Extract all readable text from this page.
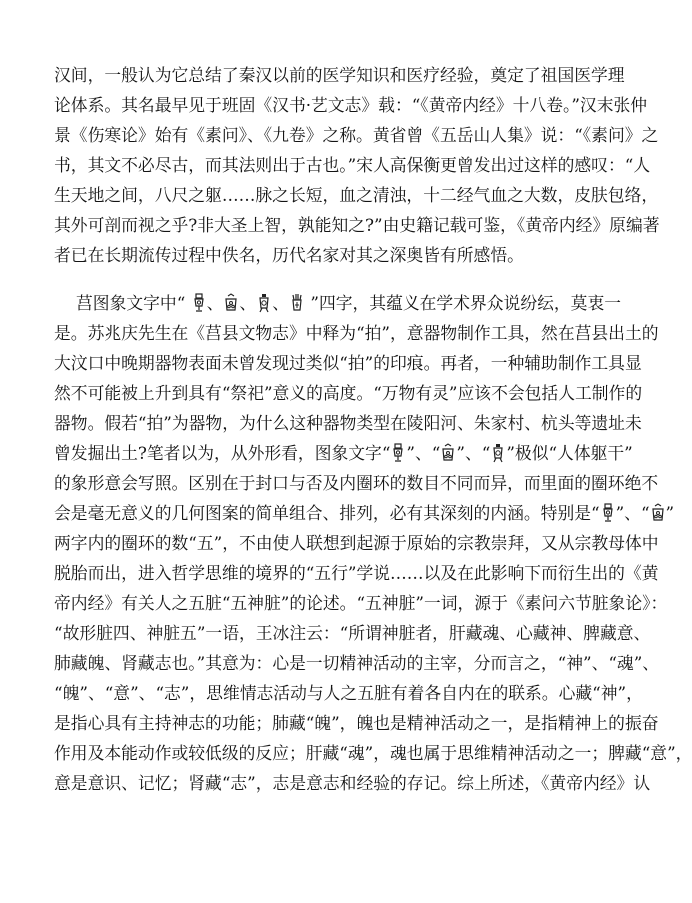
汉间，一般认为它总结了秦汉以前的医学知识和医疗经验，奠定了祖国医学理
论体系。其名最早见于班固《汉书·艺文志》载：“《黄帝内经》十八卷。”汉末张仲
景《伤寒论》始有《素问》、《九卷》之称。黄省曾《五岳山人集》说：“《素问》之
书，其文不必尽古，而其法则出于古也。”宋人高保衡更曾发出过这样的感叹：“人
生天地之间，八尺之躯……脉之长短，血之清浊，十二经气血之大数，皮肤包络，
其外可剖而视之乎?非大圣上智，孰能知之?”由史籍记载可鉴，《黄帝内经》原编著
者已在长期流传过程中佚名，历代名家对其之深奥皆有所感悟。
莒图象文字中“ 、 、 、 ”四字，其蕴义在学术界众说纷纭，莫衷一
是。苏兆庆先生在《莒县文物志》中释为“拍”，意器物制作工具，然在莒县出土的
大汶口中晚期器物表面未曾发现过类似“拍”的印痕。再者，一种辅助制作工具显
然不可能被上升到具有“祭祀”意义的高度。“万物有灵”应该不会包括人工制作的
器物。假若“拍”为器物，为什么这种器物类型在陵阳河、朱家村、杭头等遗址未
曾发掘出土?笔者以为，从外形看，图象文字“ ”、“ ”、“ ”极似“人体躯干”
的象形意会写照。区别在于封口与否及内圈环的数目不同而异，而里面的圈环绝不
会是毫无意义的几何图案的简单组合、排列，必有其深刻的内涵。特别是“ ”、“ ”
两字内的圈环的数“五”，不由使人联想到起源于原始的宗教崇拜，又从宗教母体中
脱胎而出，进入哲学思维的境界的“五行”学说……以及在此影响下而衍生出的《黄
帝内经》有关人之五脏“五神脏”的论述。“五神脏”一词，源于《素问六节脏象论》：
“故形脏四、神脏五”一语，王冰注云：“所谓神脏者，肝藏魂、心藏神、脾藏意、
肺藏魄、肾藏志也。”其意为：心是一切精神活动的主宰，分而言之，“神”、“魂”、
“魄”、“意”、“志”，思维情志活动与人之五脏有着各自内在的联系。心藏“神”，
是指心具有主持神志的功能；肺藏“魄”，魄也是精神活动之一，是指精神上的振奋
作用及本能动作或较低级的反应；肝藏“魂”，魂也属于思维精神活动之一；脾藏“意”，
意是意识、记忆；肾藏“志”，志是意志和经验的存记。综上所述，《黄帝内经》认
